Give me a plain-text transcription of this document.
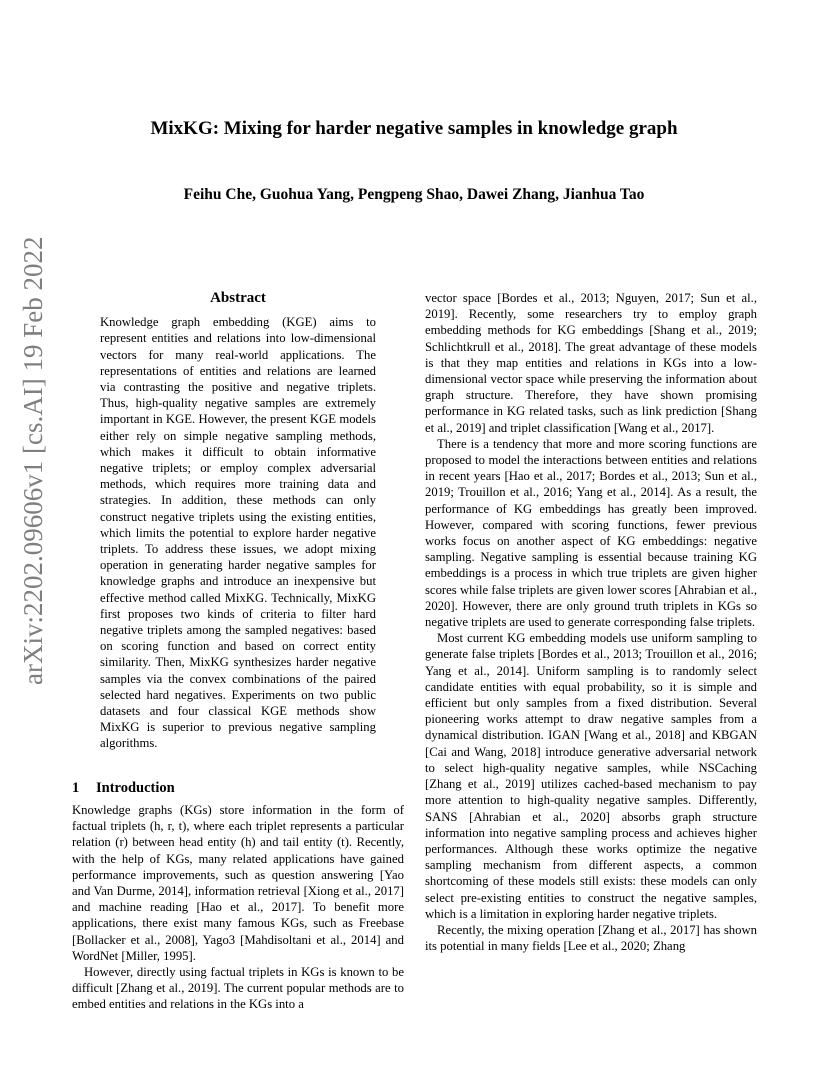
MixKG: Mixing for harder negative samples in knowledge graph
Feihu Che, Guohua Yang, Pengpeng Shao, Dawei Zhang, Jianhua Tao
arXiv:2202.09606v1 [cs.AI] 19 Feb 2022	Abstract
Knowledge graph embedding (KGE) aims to represent entities and relations into low-dimensional vectors for many real-world applications. The representations of entities and relations are learned via contrasting the positive and negative triplets. Thus, high-quality negative samples are extremely important in KGE. However, the present KGE models either rely on simple negative sampling methods, which makes it difficult to obtain informative negative triplets; or employ complex adversarial methods, which requires more training data and strategies. In addition, these methods can only construct negative triplets using the existing entities, which limits the potential to explore harder negative triplets. To address these issues, we adopt mixing operation in generating harder negative samples for knowledge graphs and introduce an inexpensive but effective method called MixKG. Technically, MixKG first proposes two kinds of criteria to filter hard negative triplets among the sampled negatives: based on scoring function and based on correct entity similarity. Then, MixKG synthesizes harder negative samples via the convex combinations of the paired selected hard negatives. Experiments on two public datasets and four classical KGE methods show MixKG is superior to previous negative sampling algorithms.
1 Introduction

Knowledge graphs (KGs) store information in the form of factual triplets (h, r, t), where each triplet represents a particular relation (r) between head entity (h) and tail entity (t). Recently, with the help of KGs, many related applications have gained performance improvements, such as question answering [Yao and Van Durme, 2014], information retrieval [Xiong et al., 2017] and machine reading [Hao et al., 2017]. To benefit more applications, there exist many famous KGs, such as Freebase [Bollacker et al., 2008], Yago3 [Mahdisoltani et al., 2014] and WordNet [Miller, 1995].

However, directly using factual triplets in KGs is known to be difficult [Zhang et al., 2019]. The current popular methods are to embed entities and relations in the KGs into a

vector space [Bordes et al., 2013; Nguyen, 2017; Sun et al., 2019]. Recently, some researchers try to employ graph embedding methods for KG embeddings [Shang et al., 2019; Schlichtkrull et al., 2018]. The great advantage of these models is that they map entities and relations in KGs into a low-dimensional vector space while preserving the information about graph structure. Therefore, they have shown promising performance in KG related tasks, such as link prediction [Shang et al., 2019] and triplet classification [Wang et al., 2017].

There is a tendency that more and more scoring functions are proposed to model the interactions between entities and relations in recent years [Hao et al., 2017; Bordes et al., 2013; Sun et al., 2019; Trouillon et al., 2016; Yang et al., 2014]. As a result, the performance of KG embeddings has greatly been improved. However, compared with scoring functions, fewer previous works focus on another aspect of KG embeddings: negative sampling. Negative sampling is essential because training KG embeddings is a process in which true triplets are given higher scores while false triplets are given lower scores [Ahrabian et al., 2020]. However, there are only ground truth triplets in KGs so negative triplets are used to generate corresponding false triplets.

Most current KG embedding models use uniform sampling to generate false triplets [Bordes et al., 2013; Trouillon et al., 2016; Yang et al., 2014]. Uniform sampling is to randomly select candidate entities with equal probability, so it is simple and efficient but only samples from a fixed distribution. Several pioneering works attempt to draw negative samples from a dynamical distribution. IGAN [Wang et al., 2018] and KBGAN [Cai and Wang, 2018] introduce generative adversarial network to select high-quality negative samples, while NSCaching [Zhang et al., 2019] utilizes cached-based mechanism to pay more attention to high-quality negative samples. Differently, SANS [Ahrabian et al., 2020] absorbs graph structure information into negative sampling process and achieves higher performances. Although these works optimize the negative sampling mechanism from different aspects, a common shortcoming of these models still exists: these models can only select pre-existing entities to construct the negative samples, which is a limitation in exploring harder negative triplets.

Recently, the mixing operation [Zhang et al., 2017] has shown its potential in many fields [Lee et al., 2020; Zhang
